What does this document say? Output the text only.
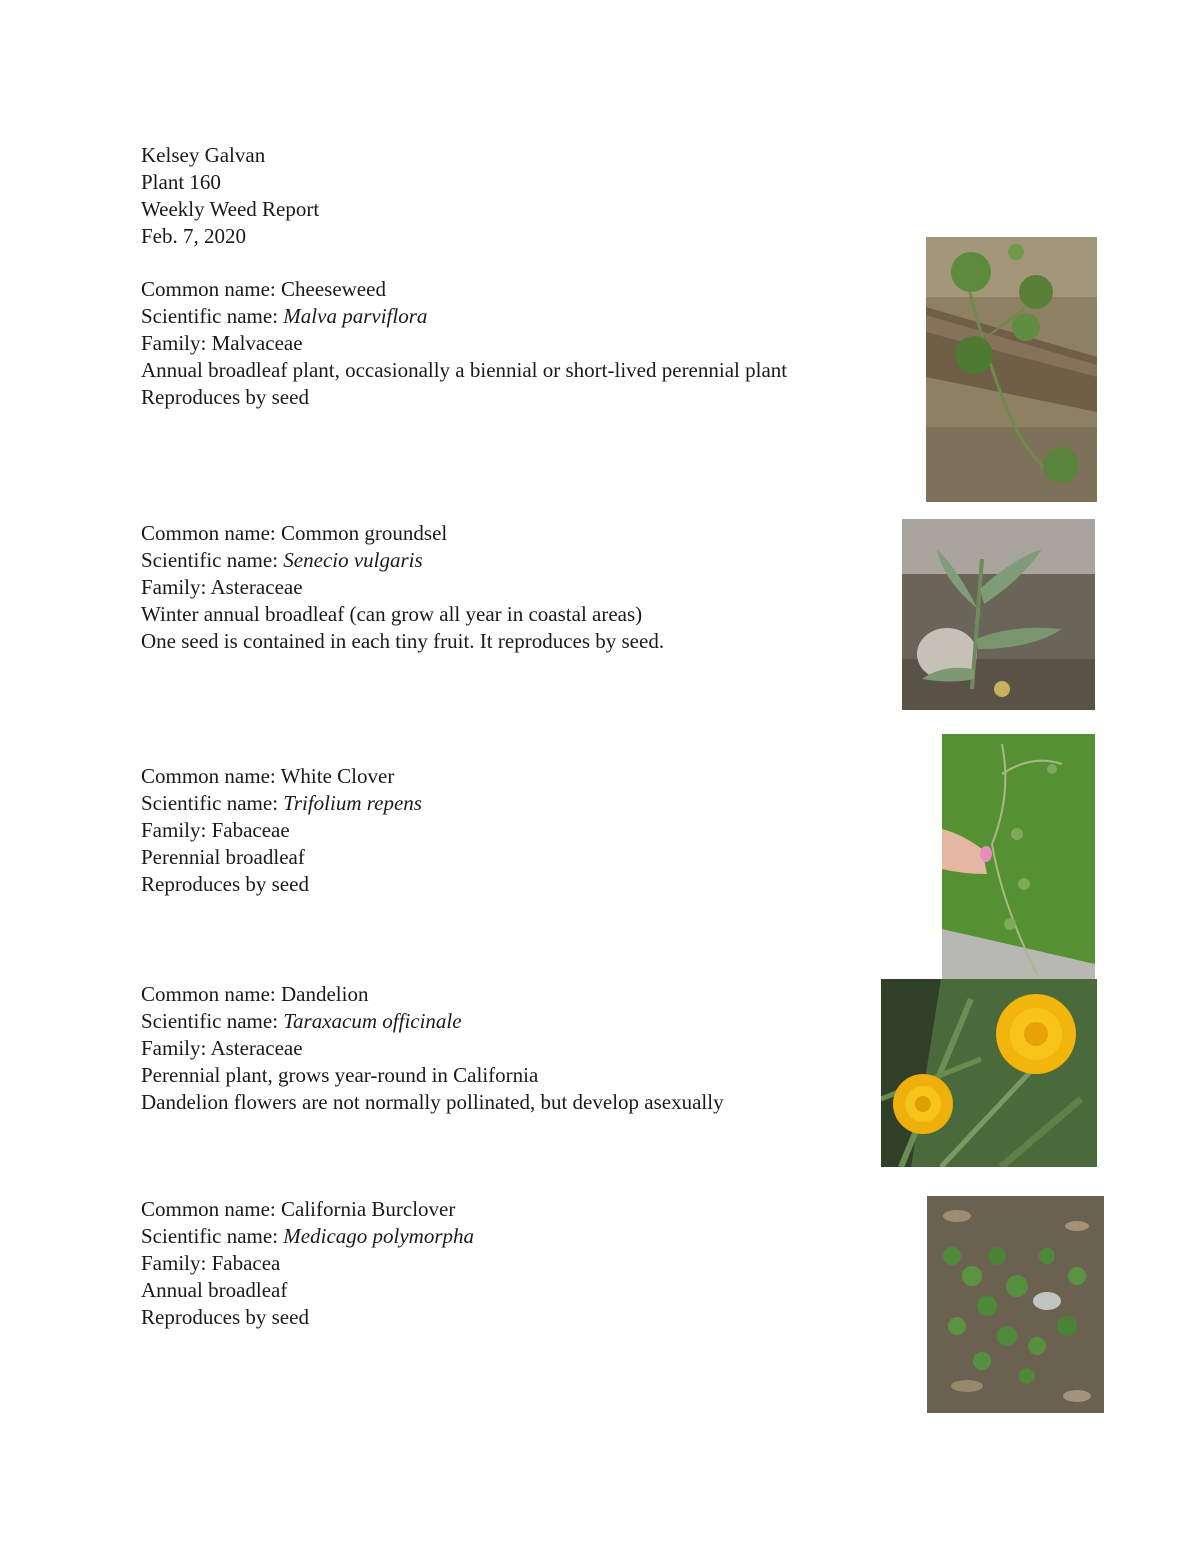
Kelsey Galvan
Plant 160
Weekly Weed Report
Feb. 7, 2020
Common name: Cheeseweed
Scientific name: Malva parviflora
Family: Malvaceae
Annual broadleaf plant, occasionally a biennial or short-lived perennial plant
Reproduces by seed
Common name: Common groundsel
Scientific name: Senecio vulgaris
Family: Asteraceae
Winter annual broadleaf (can grow all year in coastal areas)
One seed is contained in each tiny fruit. It reproduces by seed.
Common name: White Clover
Scientific name: Trifolium repens
Family: Fabaceae
Perennial broadleaf
Reproduces by seed
Common name: Dandelion
Scientific name: Taraxacum officinale
Family: Asteraceae
Perennial plant, grows year-round in California
Dandelion flowers are not normally pollinated, but develop asexually
Common name: California Burclover
Scientific name: Medicago polymorpha
Family: Fabacea
Annual broadleaf
Reproduces by seed
